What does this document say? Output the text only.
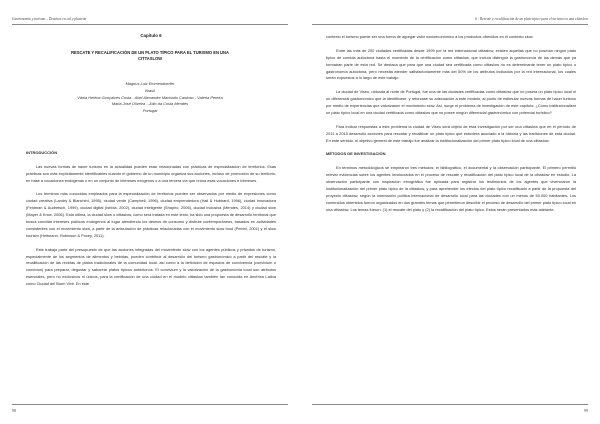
Gastronomía y turismo – Destinos en cal y plastrán
Capítulo 6
RESCATE Y RECALIFICACIÓN DE UN PLATO TÍPICO PARA EL TURISMO EN UNA CITTASLOW
Magnus Luiz Emmendoerfer
Brasil
Vânia Heléna Gonçalves Costa - Abel Alexandre Machado Cardoso - Valéria Pereira
Maria José Oliveira - Júlio da Costa Mendes
Portugal
INTRODUCCIÓN

Las nuevas formas de hacer turismo en la actualidad pueden estar relacionadas con prácticas de especialización de territorios. Esas prácticas son más explícitamente identificables cuando el gobierno de un municipio organiza sus acciones, incluso de promoción de su territorio, en base a vocaciones endógenas o en un conjunto de intereses exógenos o a una tercera vía que reúna esas vocaciones e intereses.

Los términos más conocidos empleados para la especialización de territorios pueden ser observados por medio de expresiones como ciudad creativa (Landry & Bianchini, 1995), ciudad verde (Campbell, 1996), ciudad emprendedora (Hall & Hubbard, 1996), ciudad innovadora (Feldman & Audretsch, 1999), ciudad digital (Ishida, 2002), ciudad inteligente (Shapiro, 2006), ciudad inclusiva (Mendes, 2014) y ciudad slow (Mayer & Knox, 2006). Esta última, la ciudad slow o cittaslow, como será tratada en este texto, ha sido una propuesta de desarrollo territorial que busca conciliar intereses públicos endógenos al lugar atendiendo los deseos de consumo y disfrute contemporáneos, basados en actividades consistentes con el movimiento slow, a partir de la articulación de prácticas relacionadas con el movimiento slow food (Petrini, 2001) y el slow tourism (Heitmann, Robinson & Povey, 2011).

Este trabajo parte del presupuesto de que las acciones integradas del movimiento slow con los agentes públicos y privados de turismo, especialmente de los segmentos de alimentos y bebidas, pueden contribuir al desarrollo del turismo gastronómico a partir del rescate y la recalificación de las recetas de platos tradicionales de la comunidad local, así como a la definición de espacios de convivencia (convivium o convivios) para preparar, degustar y saborear platos típicos autóctonos. El convivium y la valorización de la gastronomía local son atributos esenciales, pero no exclusivos ni únicos, para la certificación de una ciudad en el modelo cittaslow también tan conocida en América Latina como Ciudad del Buen Vivir. En este

98
6 - Rescate y recalificación de un plato típico para el turismo en una cittaslow

contexto el turismo puede ser una forma de agregar valor socioeconómico a los productos ofrecidos en el contexto slow.

Entre las más de 200 ciudades certificadas desde 1999 por la red internacional cittaslow, existen aquellas que no poseían ningún plato típico de comida autóctona hasta el momento de la certificación como cittaslow, que incluía distinguir la gastronomía de las demás que ya formaban parte de esta red. Se destaca que para que una ciudad sea certificada como cittaslow no es determinante tener un plato típico o gastronomía autóctona, pero necesita atender satisfactoriamente más del 50% de los atributos indicados por la red internacional, los cuales serán expuestos a lo largo de este trabajo.

La ciudad de Viseu, ubicada al norte de Portugal, fue una de las ciudades certificadas como cittaslow que no poseía un plato típico local ni un diferencial gastronómico que la identificase, y reforzase su adecuación a este modelo, al punto de estimular nuevas formas de hacer turismo por medio de experiencias que valorizasen el movimiento slow. Así, surge el problema de investigación de este capítulo: ¿Cómo institucionalizar un plato típico local en una ciudad certificada como cittaslow que no posee ningún diferencial gastronómico con potencial turístico?

Para indicar respuestas a este problema la ciudad de Viseu será objeto de esta investigación por ser una cittaslow que en el período de 2011 a 2015 desarrolló acciones para rescatar y recalificar un plato típico que estuviera asociado a la historia y las tradiciones de esta ciudad. En este sentido, el objetivo general de este trabajo fue analizar la institucionalización del primer plato típico local de una cittaslow.

MÉTODOS DE INVESTIGACIÓN

En términos metodológicos se emplearon tres métodos: el bibliográfico, el documental y la observación participante. El primero permitió relevar evidencias sobre los agentes involucrados en el proceso de rescate y recalificación del plato típico local de la cittaslow en estudio. La observación participante con inspiración etnográfica fue aplicada para registrar los testimonios de los agentes que vivenciaron la institucionalización del primer plato típico de la cittaslow, y para aprehender los efectos del plato típico recalificado a partir de la propuesta del proyecto cittaslow, según la orientación política internacional de desarrollo local para las ciudades con un menos de 50.000 habitantes. Los contenidos obtenidos fueron organizados en dos grandes temas que permitieron describir el proceso de desarrollo del primer plato típico local en una cittaslow. Los temas fueron: (1) el rescate del plato y (2) la recalificación del plato típico. Estos serán presentados más adelante.

99
